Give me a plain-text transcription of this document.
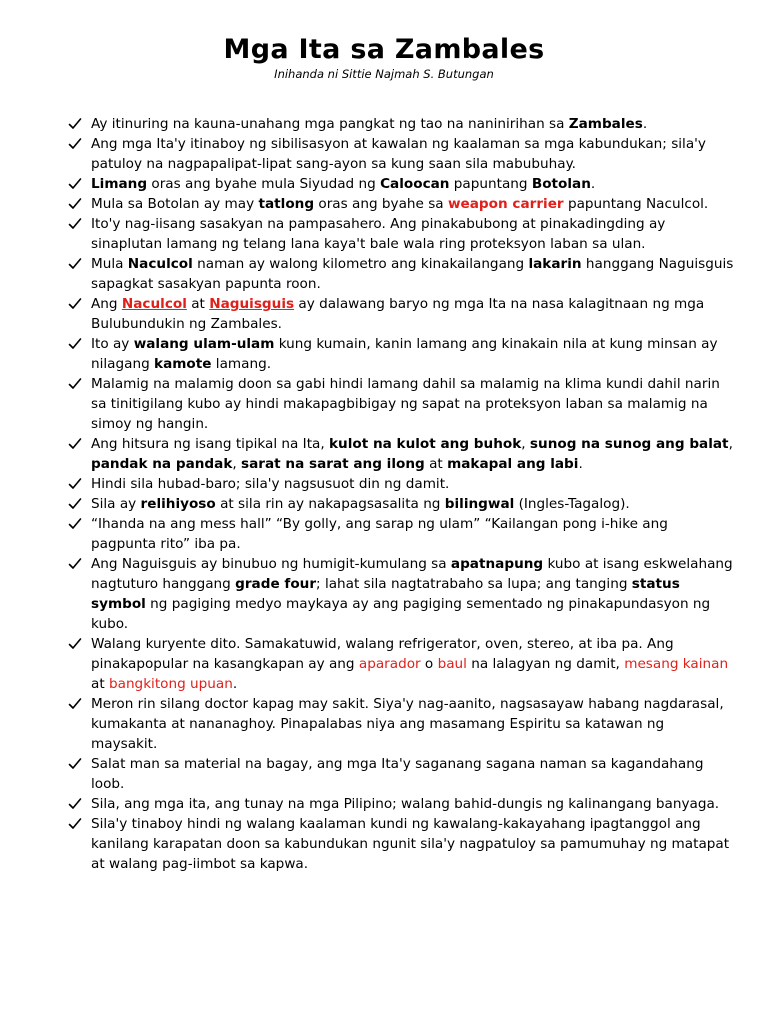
Mga Ita sa Zambales

Inihanda ni Sittie Najmah S. Butungan

Ay itinuring na kauna-unahang mga pangkat ng tao na naninirihan sa Zambales.
Ang mga Ita'y itinaboy ng sibilisasyon at kawalan ng kaalaman sa mga kabundukan; sila'y patuloy na nagpapalipat-lipat sang-ayon sa kung saan sila mabubuhay.
Limang oras ang byahe mula Siyudad ng Caloocan papuntang Botolan.
Mula sa Botolan ay may tatlong oras ang byahe sa weapon carrier papuntang Naculcol.
Ito'y nag-iisang sasakyan na pampasahero. Ang pinakabubong at pinakadingding ay sinaplutan lamang ng telang lana kaya't bale wala ring proteksyon laban sa ulan.
Mula Naculcol naman ay walong kilometro ang kinakailangang lakarin hanggang Naguisguis sapagkat sasakyan papunta roon.
Ang Naculcol at Naguisguis ay dalawang baryo ng mga Ita na nasa kalagitnaan ng mga Bulubundukin ng Zambales.
Ito ay walang ulam-ulam kung kumain, kanin lamang ang kinakain nila at kung minsan ay nilagang kamote lamang.
Malamig na malamig doon sa gabi hindi lamang dahil sa malamig na klima kundi dahil narin sa tinitigilang kubo ay hindi makapagbibigay ng sapat na proteksyon laban sa malamig na simoy ng hangin.
Ang hitsura ng isang tipikal na Ita, kulot na kulot ang buhok, sunog na sunog ang balat, pandak na pandak, sarat na sarat ang ilong at makapal ang labi.
Hindi sila hubad-baro; sila'y nagsusuot din ng damit.
Sila ay relihiyoso at sila rin ay nakapagsasalita ng bilingwal (Ingles-Tagalog).
“Ihanda na ang mess hall” “By golly, ang sarap ng ulam” “Kailangan pong i-hike ang pagpunta rito” iba pa.
Ang Naguisguis ay binubuo ng humigit-kumulang sa apatnapung kubo at isang eskwelahang nagtuturo hanggang grade four; lahat sila nagtatrabaho sa lupa; ang tanging status symbol ng pagiging medyo maykaya ay ang pagiging sementado ng pinakapundasyon ng kubo.
Walang kuryente dito. Samakatuwid, walang refrigerator, oven, stereo, at iba pa. Ang pinakapopular na kasangkapan ay ang aparador o baul na lalagyan ng damit, mesang kainan at bangkitong upuan.
Meron rin silang doctor kapag may sakit. Siya'y nag-aanito, nagsasayaw habang nagdarasal, kumakanta at nananaghoy. Pinapalabas niya ang masamang Espiritu sa katawan ng maysakit.
Salat man sa material na bagay, ang mga Ita'y saganang sagana naman sa kagandahang loob.
Sila, ang mga ita, ang tunay na mga Pilipino; walang bahid-dungis ng kalinangang banyaga.
Sila'y tinaboy hindi ng walang kaalaman kundi ng kawalang-kakayahang ipagtanggol ang kanilang karapatan doon sa kabundukan ngunit sila'y nagpatuloy sa pamumuhay ng matapat at walang pag-iimbot sa kapwa.
